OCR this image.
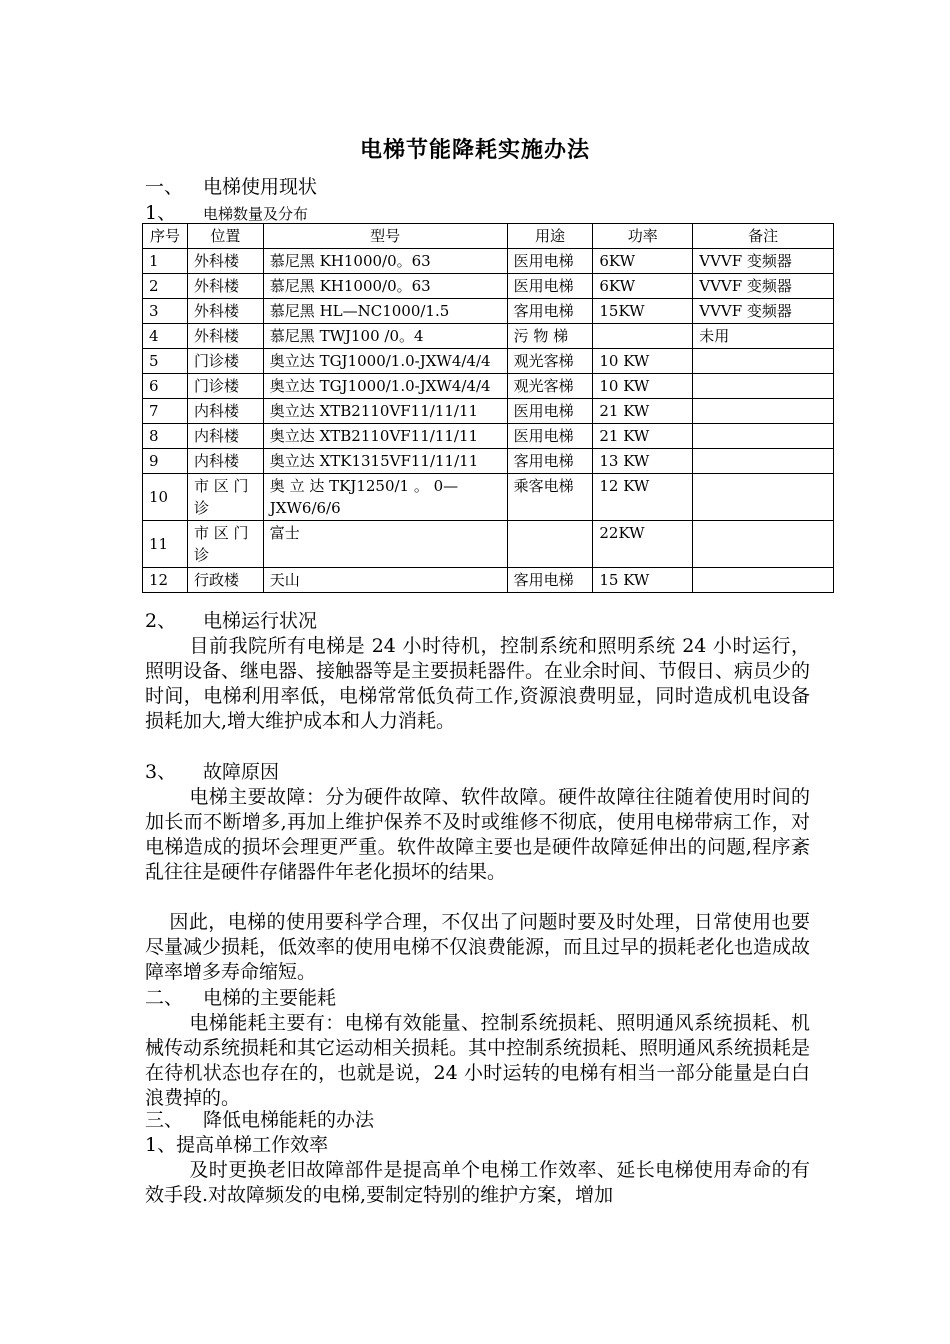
电梯节能降耗实施办法
一、 电梯使用现状
1、 电梯数量及分布
序号	位置	型号	用途	功率	备注
1	外科楼	慕尼黑 KH1000/0。63	医用电梯	6KW	VVVF 变频器
2	外科楼	慕尼黑 KH1000/0。63	医用电梯	6KW	VVVF 变频器
3	外科楼	慕尼黑 HL—NC1000/1.5	客用电梯	15KW	VVVF 变频器
4	外科楼	慕尼黑 TWJ100 /0。4	污 物 梯		未用
5	门诊楼	奥立达 TGJ1000/1.0-JXW4/4/4	观光客梯	10 KW	
6	门诊楼	奥立达 TGJ1000/1.0-JXW4/4/4	观光客梯	10 KW	
7	内科楼	奥立达 XTB2110VF11/11/11	医用电梯	21 KW	
8	内科楼	奥立达 XTB2110VF11/11/11	医用电梯	21 KW	
9	内科楼	奥立达 XTK1315VF11/11/11	客用电梯	13 KW	
10	市 区 门 诊	奥 立 达 TKJ1250/1 。 0—JXW6/6/6	乘客电梯	12 KW	
11	市 区 门 诊	富士		22KW	
12	行政楼	天山	客用电梯	15 KW	
2、 电梯运行状况
目前我院所有电梯是 24 小时待机，控制系统和照明系统 24 小时运行，照明设备、继电器、接触器等是主要损耗器件。在业余时间、节假日、病员少的时间，电梯利用率低，电梯常常低负荷工作,资源浪费明显，同时造成机电设备损耗加大,增大维护成本和人力消耗。
3、 故障原因
电梯主要故障：分为硬件故障、软件故障。硬件故障往往随着使用时间的加长而不断增多,再加上维护保养不及时或维修不彻底，使用电梯带病工作，对电梯造成的损坏会理更严重。软件故障主要也是硬件故障延伸出的问题,程序紊乱往往是硬件存储器件年老化损坏的结果。
因此，电梯的使用要科学合理，不仅出了问题时要及时处理，日常使用也要尽量减少损耗，低效率的使用电梯不仅浪费能源，而且过早的损耗老化也造成故障率增多寿命缩短。
二、 电梯的主要能耗
电梯能耗主要有：电梯有效能量、控制系统损耗、照明通风系统损耗、机械传动系统损耗和其它运动相关损耗。其中控制系统损耗、照明通风系统损耗是在待机状态也存在的，也就是说，24 小时运转的电梯有相当一部分能量是白白浪费掉的。
三、 降低电梯能耗的办法
1、提高单梯工作效率
及时更换老旧故障部件是提高单个电梯工作效率、延长电梯使用寿命的有效手段.对故障频发的电梯,要制定特别的维护方案，增加
